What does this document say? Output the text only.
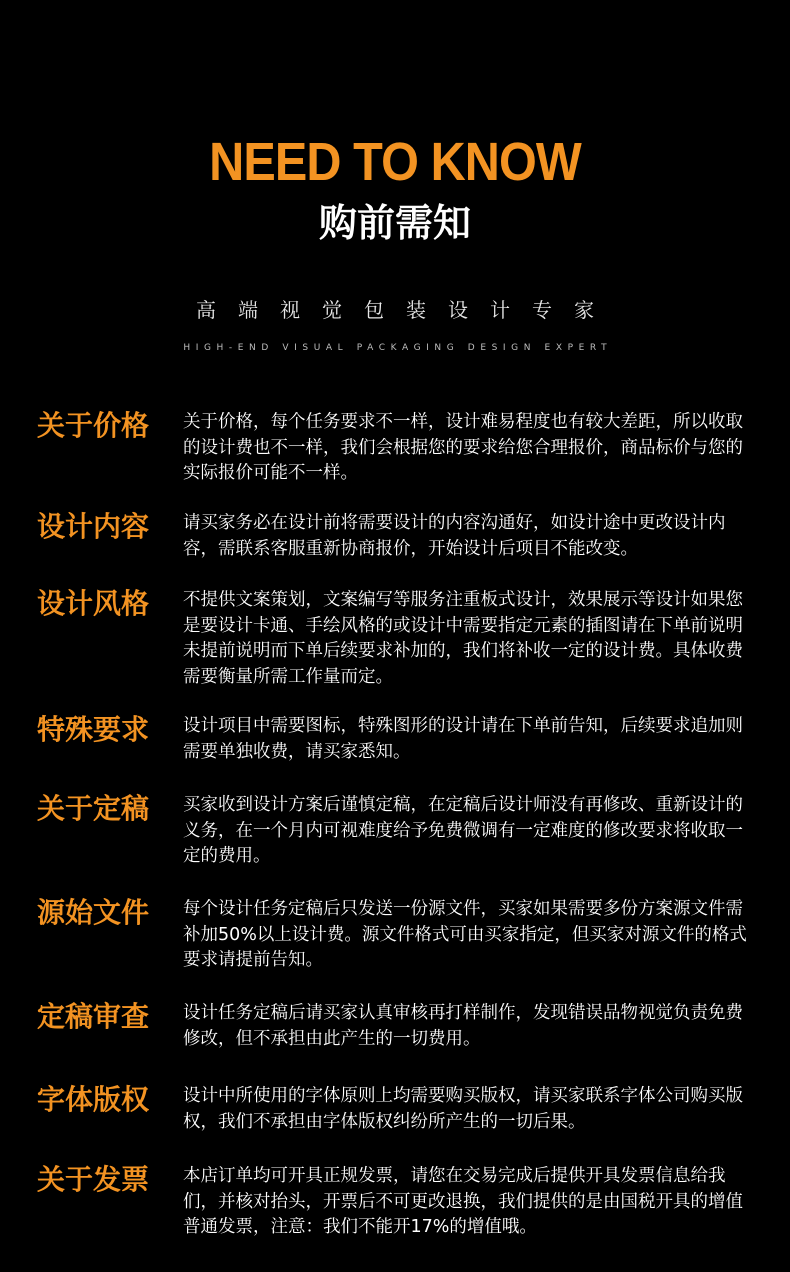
NEED TO KNOW
购前需知
高端视觉包装设计专家
HIGH-END VISUAL PACKAGING DESIGN EXPERT
关于价格	关于价格，每个任务要求不一样，设计难易程度也有较大差距，所以收取的设计费也不一样，我们会根据您的要求给您合理报价，商品标价与您的实际报价可能不一样。
设计内容	请买家务必在设计前将需要设计的内容沟通好，如设计途中更改设计内容，需联系客服重新协商报价，开始设计后项目不能改变。
设计风格	不提供文案策划，文案编写等服务注重板式设计，效果展示等设计如果您是要设计卡通、手绘风格的或设计中需要指定元素的插图请在下单前说明未提前说明而下单后续要求补加的，我们将补收一定的设计费。具体收费需要衡量所需工作量而定。
特殊要求	设计项目中需要图标，特殊图形的设计请在下单前告知，后续要求追加则需要单独收费，请买家悉知。
关于定稿	买家收到设计方案后谨慎定稿，在定稿后设计师没有再修改、重新设计的义务，在一个月内可视难度给予免费微调有一定难度的修改要求将收取一定的费用。
源始文件	每个设计任务定稿后只发送一份源文件，买家如果需要多份方案源文件需补加50%以上设计费。源文件格式可由买家指定，但买家对源文件的格式要求请提前告知。
定稿审查	设计任务定稿后请买家认真审核再打样制作，发现错误品物视觉负责免费修改，但不承担由此产生的一切费用。
字体版权	设计中所使用的字体原则上均需要购买版权，请买家联系字体公司购买版权，我们不承担由字体版权纠纷所产生的一切后果。
关于发票	本店订单均可开具正规发票，请您在交易完成后提供开具发票信息给我们，并核对抬头，开票后不可更改退换，我们提供的是由国税开具的增值普通发票，注意：我们不能开17%的增值哦。
